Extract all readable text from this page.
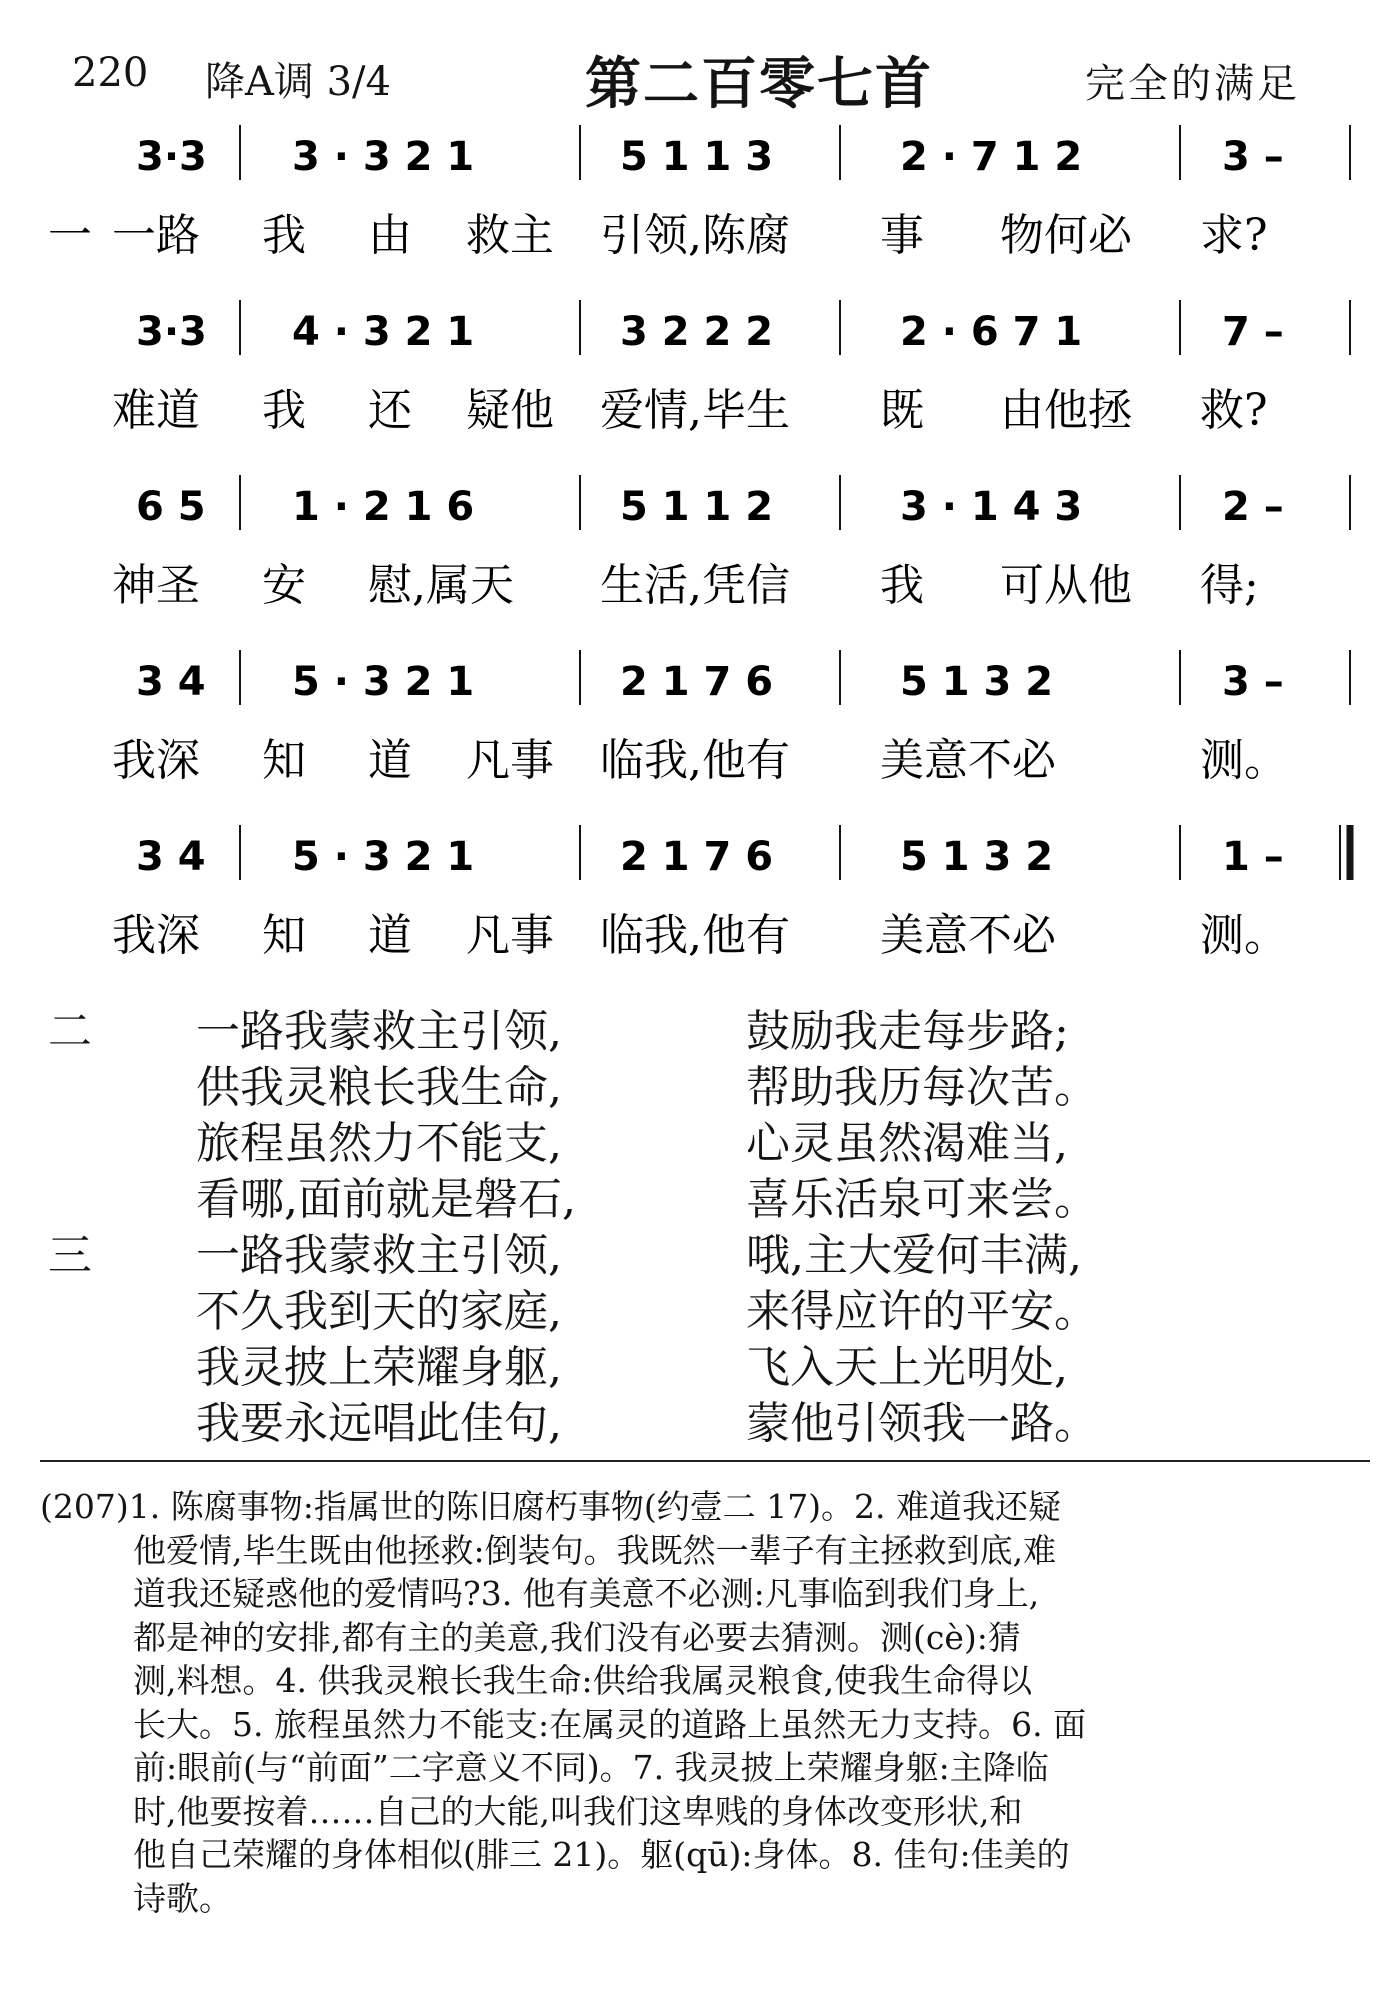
220 降A调 3/4	第二百零七首	完全的满足
3·3 3 · 3 2 1	5 1 1 3	2 · 7 1 2	3 –
一 一路 我 由 救主 引领,陈腐 事 物何必 求?
3·3 4 · 3 2 1	3 2 2 2	2 · 6 7 1	7 –
难道 我 还 疑他 爱情,毕生 既 由他拯 救?
6 5 1 · 2 1 6	5 1 1 2	3 · 1 4 3	2 –
神圣 安 慰,属天 生活,凭信 我 可从他 得;
3 4 5 · 3 2 1	2 1 7 6	5 1 3 2	3 –
我深 知 道 凡事 临我,他有 美意不必	测。
3 4 5 · 3 2 1	2 1 7 6	5 1 3 2	1 –
我深 知 道 凡事 临我,他有 美意不必	测。
二 一路我蒙救主引领,	鼓励我走每步路;
供我灵粮长我生命,	帮助我历每次苦。
旅程虽然力不能支,	心灵虽然渴难当,
看哪,面前就是磐石,	喜乐活泉可来尝。
三 一路我蒙救主引领,	哦,主大爱何丰满,
不久我到天的家庭,	来得应许的平安。
我灵披上荣耀身躯,	飞入天上光明处,
我要永远唱此佳句,	蒙他引领我一路。

(207)1. 陈腐事物:指属世的陈旧腐朽事物(约壹二 17)。2. 难道我还疑

他爱情,毕生既由他拯救:倒装句。我既然一辈子有主拯救到底,难

道我还疑惑他的爱情吗?3. 他有美意不必测:凡事临到我们身上,

都是神的安排,都有主的美意,我们没有必要去猜测。测(cè):猜

测,料想。4. 供我灵粮长我生命:供给我属灵粮食,使我生命得以

长大。5. 旅程虽然力不能支:在属灵的道路上虽然无力支持。6. 面

前:眼前(与“前面”二字意义不同)。7. 我灵披上荣耀身躯:主降临

时,他要按着……自己的大能,叫我们这卑贱的身体改变形状,和

他自己荣耀的身体相似(腓三 21)。躯(qū):身体。8. 佳句:佳美的

诗歌。
